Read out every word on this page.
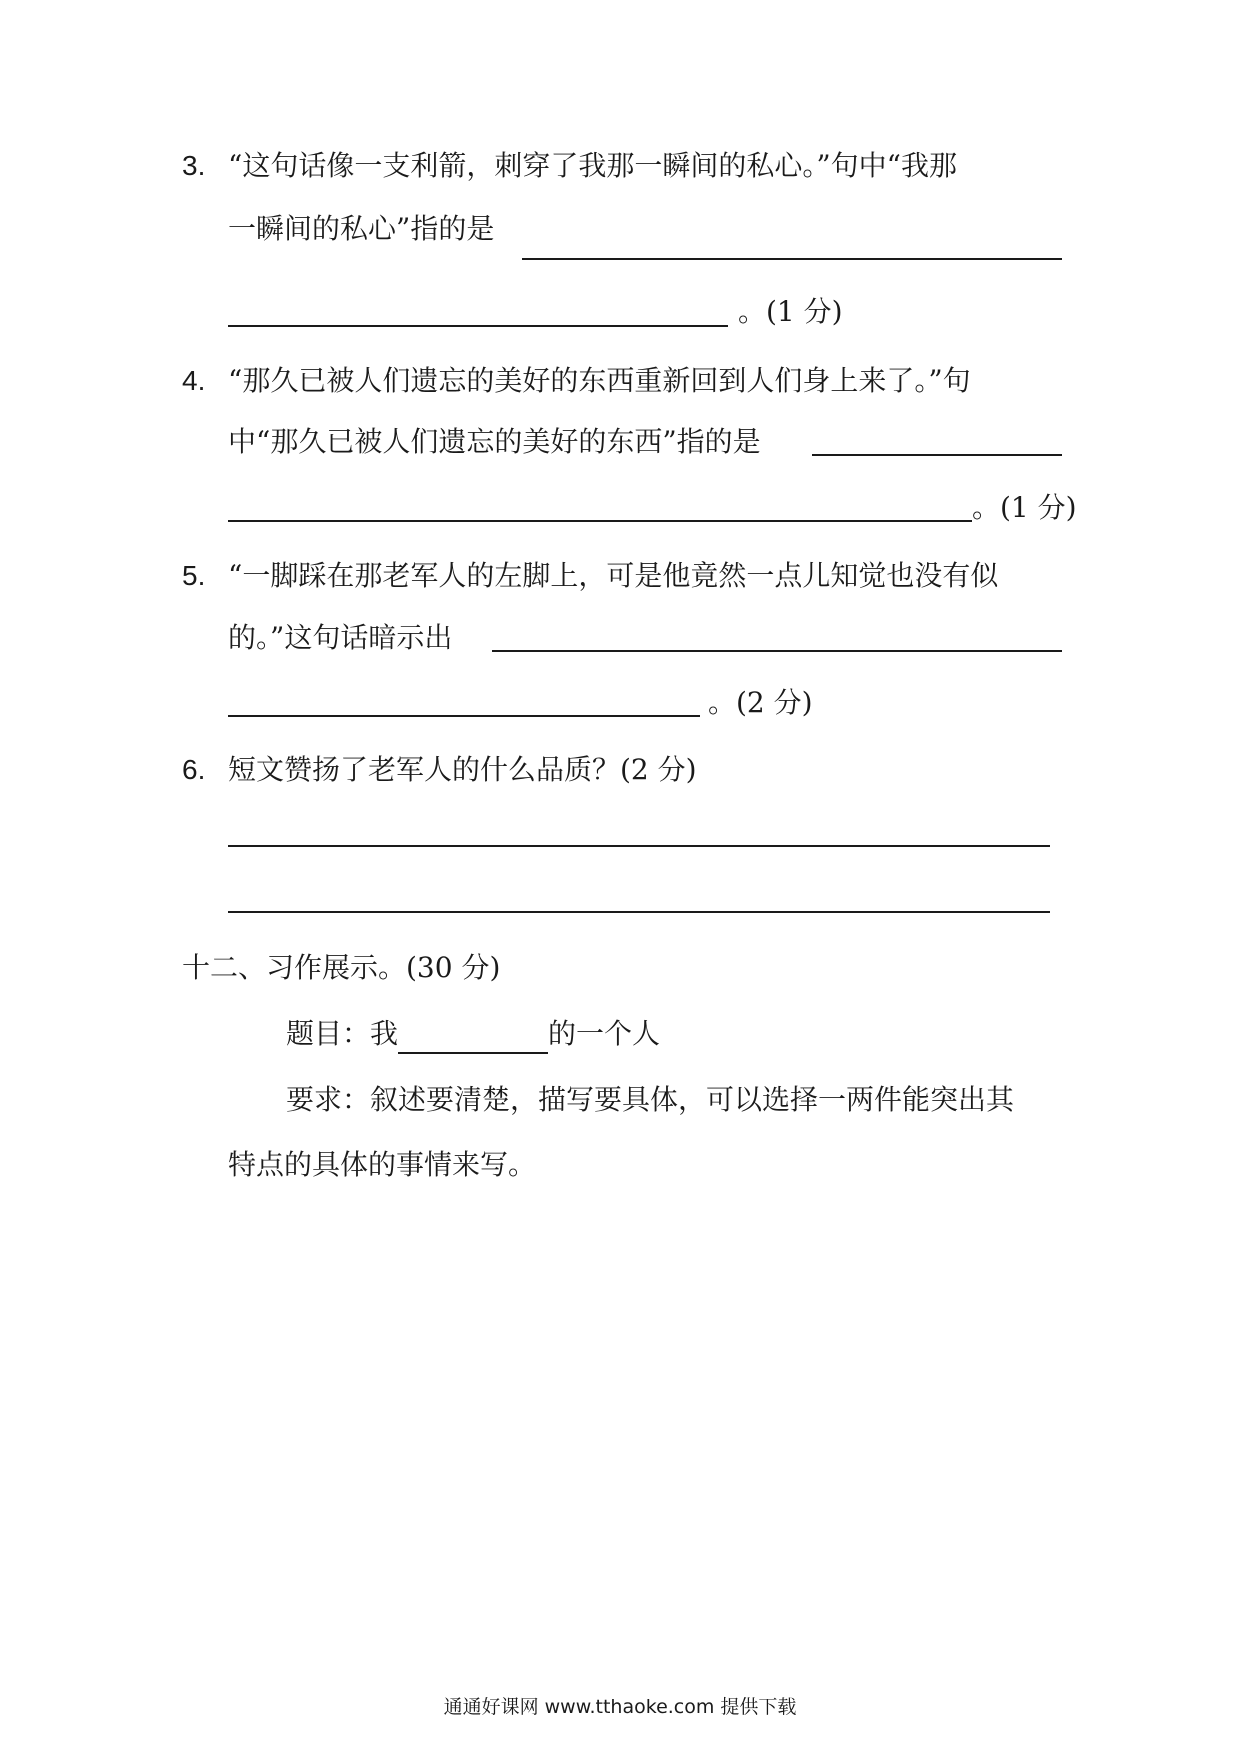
3. “这句话像一支利箭，刺穿了我那一瞬间的私心。”句中“我那
一瞬间的私心”指的是
。(1 分)
4. “那久已被人们遗忘的美好的东西重新回到人们身上来了。”句
中“那久已被人们遗忘的美好的东西”指的是
。(1 分)
5. “一脚踩在那老军人的左脚上，可是他竟然一点儿知觉也没有似
的。”这句话暗示出
。(2 分)
6. 短文赞扬了老军人的什么品质？(2 分)
十二、习作展示。(30 分)
题目：我	的一个人
要求：叙述要清楚，描写要具体，可以选择一两件能突出其
特点的具体的事情来写。
通通好课网 www.tthaoke.com 提供下载
